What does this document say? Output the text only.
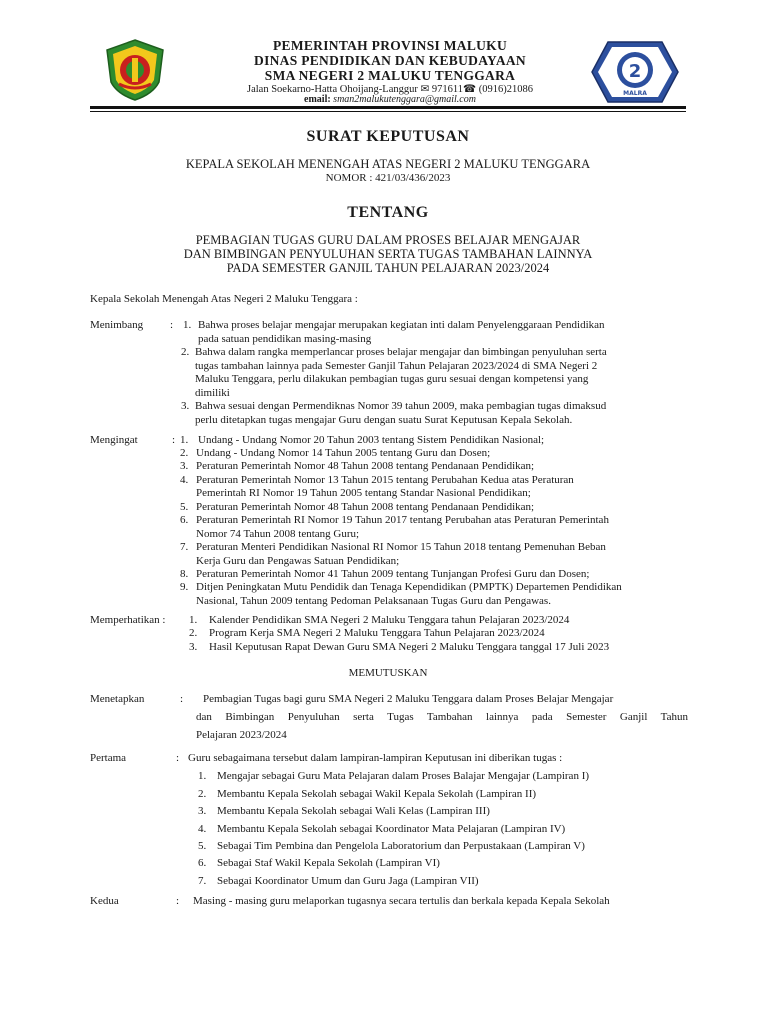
2
MALRA
PEMERINTAH PROVINSI MALUKU
DINAS PENDIDIKAN DAN KEBUDAYAAN
SMA NEGERI 2 MALUKU TENGGARA
Jalan Soekarno-Hatta Ohoijang-Langgur ✉ 971611☎ (0916)21086
email: sman2malukutenggara@gmail.com
SURAT KEPUTUSAN
KEPALA SEKOLAH MENENGAH ATAS NEGERI 2 MALUKU TENGGARA
NOMOR : 421/03/436/2023
TENTANG
PEMBAGIAN TUGAS GURU DALAM PROSES BELAJAR MENGAJAR
DAN BIMBINGAN PENYULUHAN SERTA TUGAS TAMBAHAN LAINNYA
PADA SEMESTER GANJIL TAHUN PELAJARAN 2023/2024
Kepala Sekolah Menengah Atas Negeri 2 Maluku Tenggara :
Menimbang : 1. Bahwa proses belajar mengajar merupakan kegiatan inti dalam Penyelenggaraan Pendidikan
pada satuan pendidikan masing-masing
2. Bahwa dalam rangka memperlancar proses belajar mengajar dan bimbingan penyuluhan serta
tugas tambahan lainnya pada Semester Ganjil Tahun Pelajaran 2023/2024 di SMA Negeri 2
Maluku Tenggara, perlu dilakukan pembagian tugas guru sesuai dengan kompetensi yang
dimiliki
3. Bahwa sesuai dengan Permendiknas Nomor 39 tahun 2009, maka pembagian tugas dimaksud
perlu ditetapkan tugas mengajar Guru dengan suatu Surat Keputusan Kepala Sekolah.
Mengingat	: 1. Undang - Undang Nomor 20 Tahun 2003 tentang Sistem Pendidikan Nasional;
2. Undang - Undang Nomor 14 Tahun 2005 tentang Guru dan Dosen;
3. Peraturan Pemerintah Nomor 48 Tahun 2008 tentang Pendanaan Pendidikan;
4. Peraturan Pemerintah Nomor 13 Tahun 2015 tentang Perubahan Kedua atas Peraturan
Pemerintah RI Nomor 19 Tahun 2005 tentang Standar Nasional Pendidikan;
5. Peraturan Pemerintah Nomor 48 Tahun 2008 tentang Pendanaan Pendidikan;
6. Peraturan Pemerintah RI Nomor 19 Tahun 2017 tentang Perubahan atas Peraturan Pemerintah
Nomor 74 Tahun 2008 tentang Guru;
7. Peraturan Menteri Pendidikan Nasional RI Nomor 15 Tahun 2018 tentang Pemenuhan Beban
Kerja Guru dan Pengawas Satuan Pendidikan;
8. Peraturan Pemerintah Nomor 41 Tahun 2009 tentang Tunjangan Profesi Guru dan Dosen;
9. Ditjen Peningkatan Mutu Pendidik dan Tenaga Kependidikan (PMPTK) Departemen Pendidikan
Nasional, Tahun 2009 tentang Pedoman Pelaksanaan Tugas Guru dan Pengawas.
Memperhatikan : 1. Kalender Pendidikan SMA Negeri 2 Maluku Tenggara tahun Pelajaran 2023/2024
2. Program Kerja SMA Negeri 2 Maluku Tenggara Tahun Pelajaran 2023/2024
3. Hasil Keputusan Rapat Dewan Guru SMA Negeri 2 Maluku Tenggara tanggal 17 Juli 2023
MEMUTUSKAN
Menetapkan	: Pembagian Tugas bagi guru SMA Negeri 2 Maluku Tenggara dalam Proses Belajar Mengajar
dan Bimbingan Penyuluhan serta Tugas Tambahan lainnya pada Semester Ganjil Tahun
Pelajaran 2023/2024
Pertama	: Guru sebagaimana tersebut dalam lampiran-lampiran Keputusan ini diberikan tugas :
1. Mengajar sebagai Guru Mata Pelajaran dalam Proses Balajar Mengajar (Lampiran I)
2. Membantu Kepala Sekolah sebagai Wakil Kepala Sekolah (Lampiran II)
3. Membantu Kepala Sekolah sebagai Wali Kelas (Lampiran III)
4. Membantu Kepala Sekolah sebagai Koordinator Mata Pelajaran (Lampiran IV)
5. Sebagai Tim Pembina dan Pengelola Laboratorium dan Perpustakaan (Lampiran V)
6. Sebagai Staf Wakil Kepala Sekolah (Lampiran VI)
7. Sebagai Koordinator Umum dan Guru Jaga (Lampiran VII)
Kedua	: Masing - masing guru melaporkan tugasnya secara tertulis dan berkala kepada Kepala Sekolah
